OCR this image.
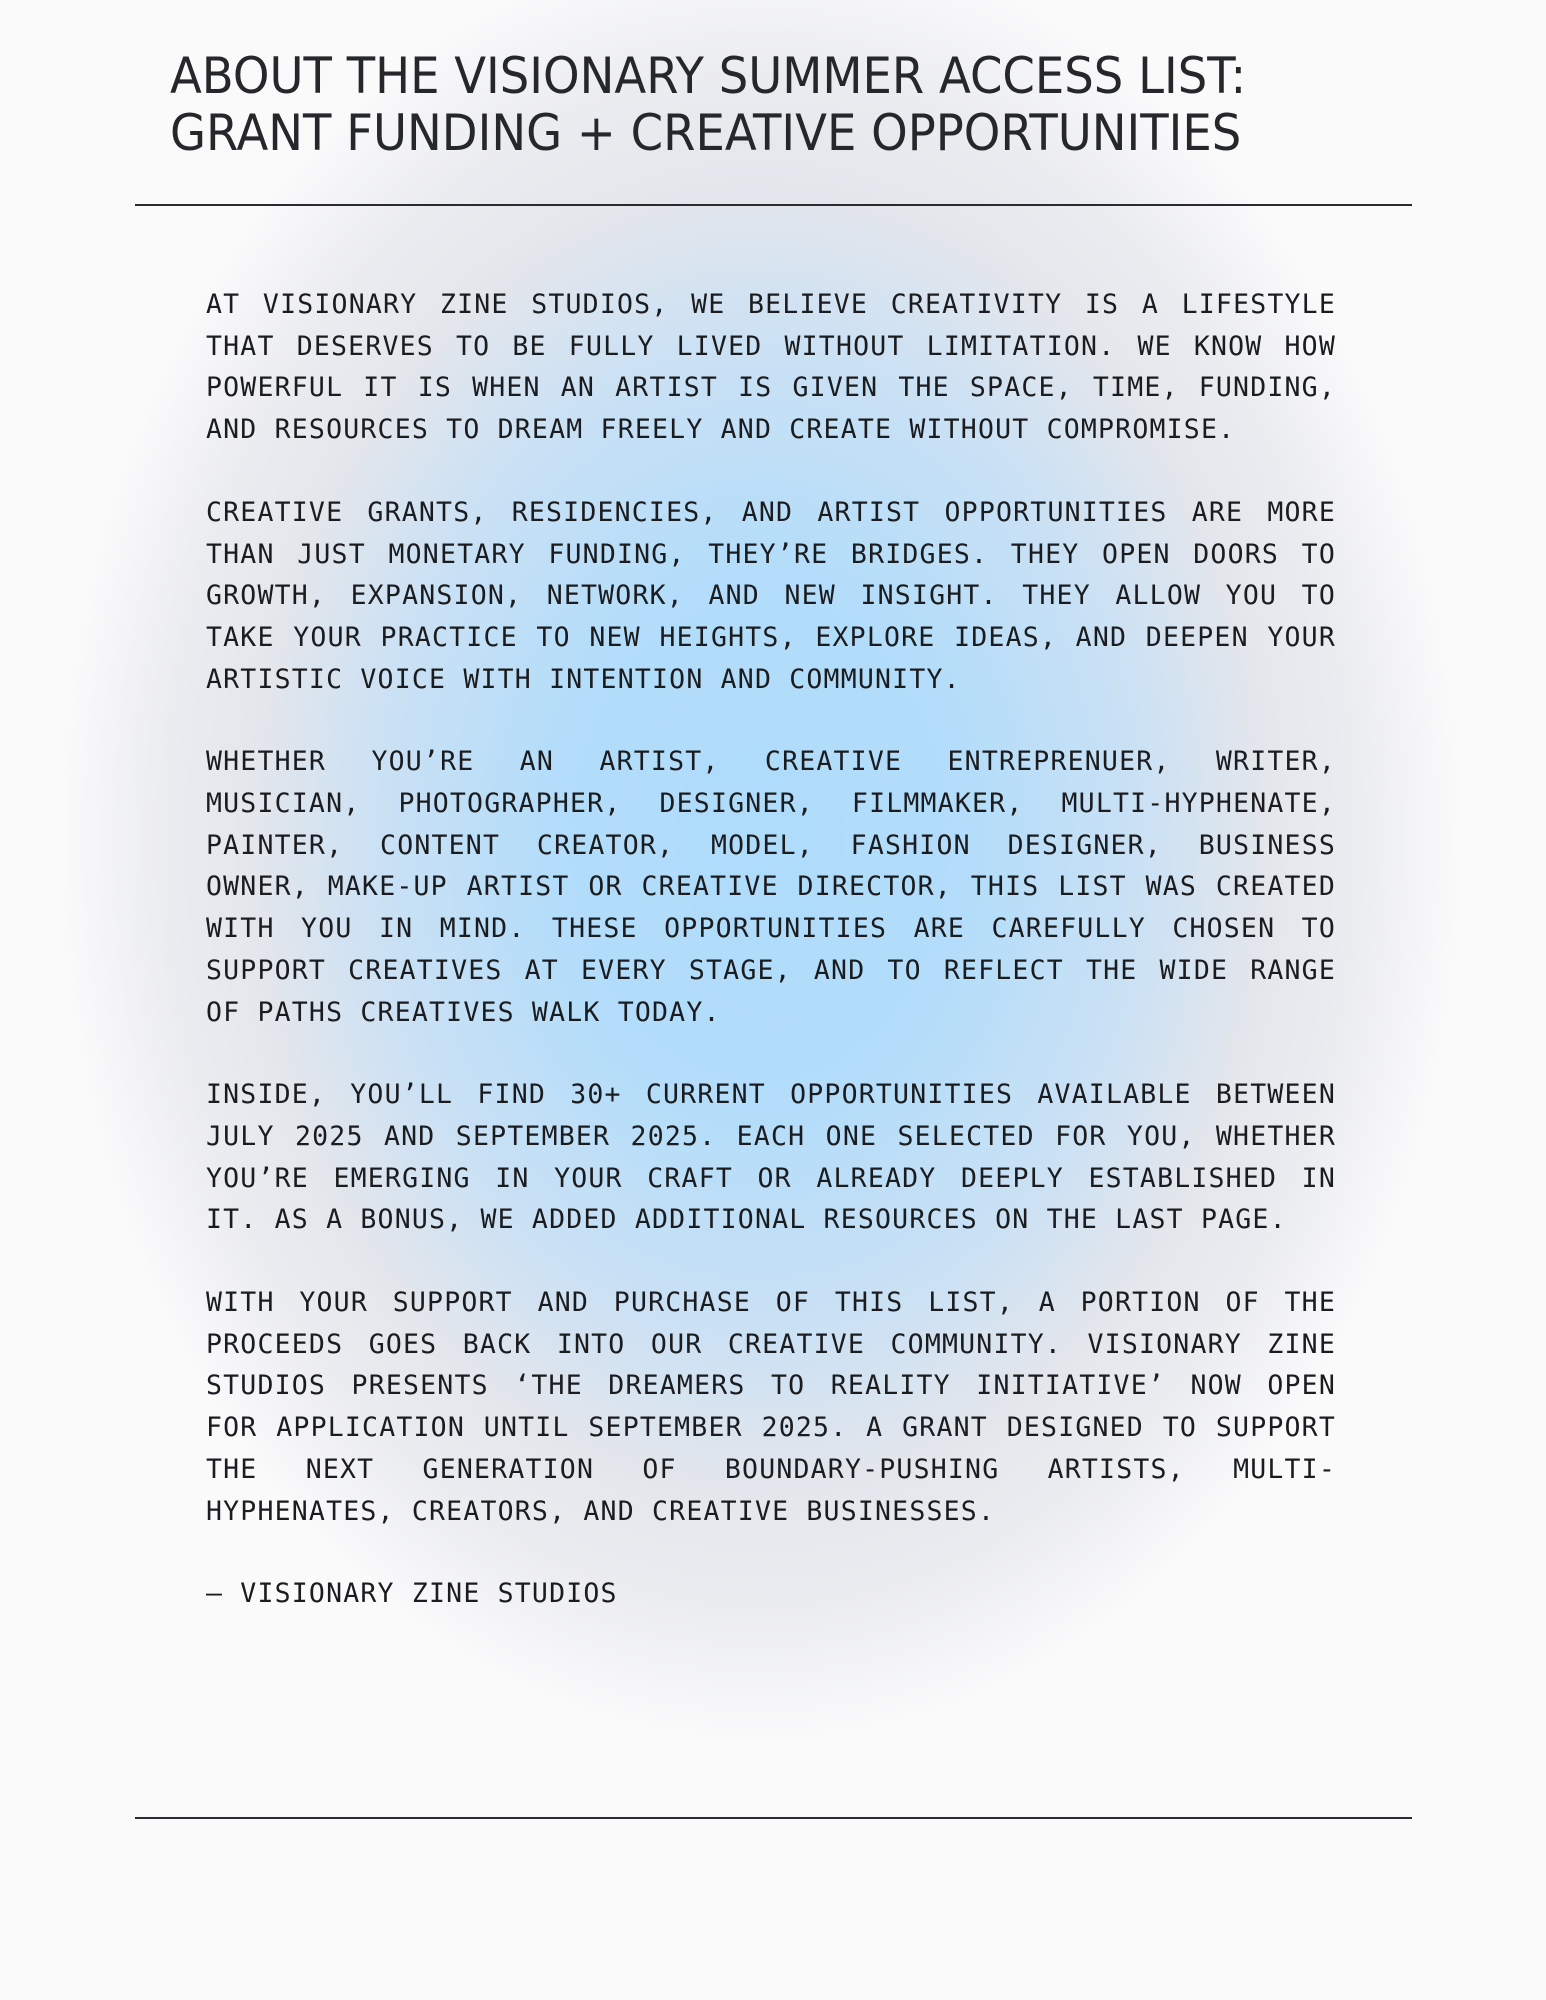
ABOUT THE VISIONARY SUMMER ACCESS LIST:
GRANT FUNDING + CREATIVE OPPORTUNITIES

AT VISIONARY ZINE STUDIOS, WE BELIEVE CREATIVITY IS A LIFESTYLE THAT DESERVES TO BE FULLY LIVED WITHOUT LIMITATION. WE KNOW HOW POWERFUL IT IS WHEN AN ARTIST IS GIVEN THE SPACE, TIME, FUNDING, AND RESOURCES TO DREAM FREELY AND CREATE WITHOUT COMPROMISE.

CREATIVE GRANTS, RESIDENCIES, AND ARTIST OPPORTUNITIES ARE MORE THAN JUST MONETARY FUNDING, THEY’RE BRIDGES. THEY OPEN DOORS TO GROWTH, EXPANSION, NETWORK, AND NEW INSIGHT. THEY ALLOW YOU TO TAKE YOUR PRACTICE TO NEW HEIGHTS, EXPLORE IDEAS, AND DEEPEN YOUR ARTISTIC VOICE WITH INTENTION AND COMMUNITY.

WHETHER YOU’RE AN ARTIST, CREATIVE ENTREPRENUER, WRITER, MUSICIAN, PHOTOGRAPHER, DESIGNER, FILMMAKER, MULTI-HYPHENATE, PAINTER, CONTENT CREATOR, MODEL, FASHION DESIGNER, BUSINESS OWNER, MAKE-UP ARTIST OR CREATIVE DIRECTOR, THIS LIST WAS CREATED WITH YOU IN MIND. THESE OPPORTUNITIES ARE CAREFULLY CHOSEN TO SUPPORT CREATIVES AT EVERY STAGE, AND TO REFLECT THE WIDE RANGE OF PATHS CREATIVES WALK TODAY.

INSIDE, YOU’LL FIND 30+ CURRENT OPPORTUNITIES AVAILABLE BETWEEN JULY 2025 AND SEPTEMBER 2025. EACH ONE SELECTED FOR YOU, WHETHER YOU’RE EMERGING IN YOUR CRAFT OR ALREADY DEEPLY ESTABLISHED IN IT. AS A BONUS, WE ADDED ADDITIONAL RESOURCES ON THE LAST PAGE.

WITH YOUR SUPPORT AND PURCHASE OF THIS LIST, A PORTION OF THE PROCEEDS GOES BACK INTO OUR CREATIVE COMMUNITY. VISIONARY ZINE STUDIOS PRESENTS ‘THE DREAMERS TO REALITY INITIATIVE’ NOW OPEN FOR APPLICATION UNTIL SEPTEMBER 2025. A GRANT DESIGNED TO SUPPORT THE NEXT GENERATION OF BOUNDARY-PUSHING ARTISTS, MULTI-HYPHENATES, CREATORS, AND CREATIVE BUSINESSES.

– VISIONARY ZINE STUDIOS
